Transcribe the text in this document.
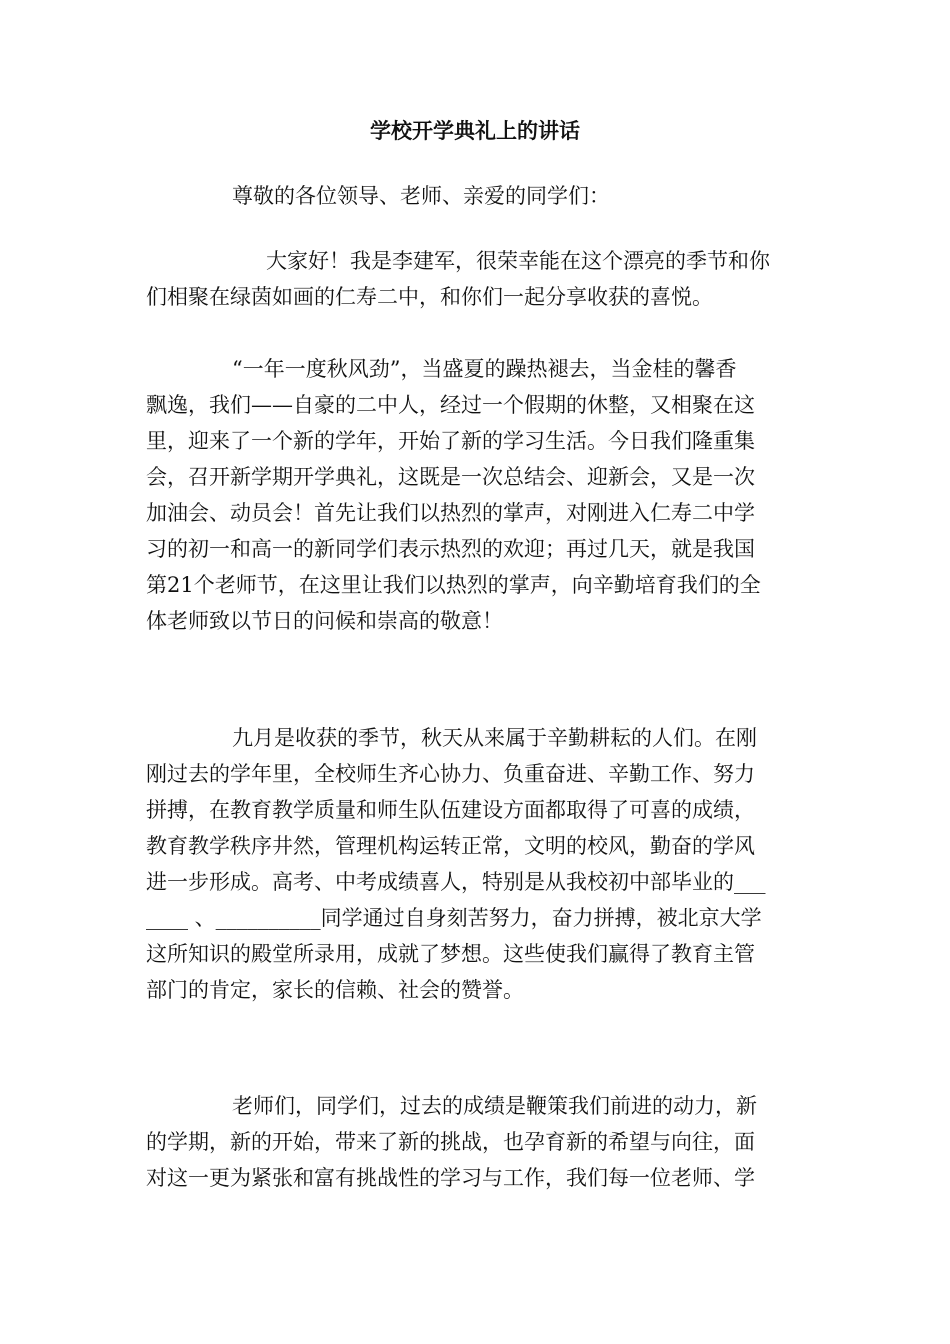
学校开学典礼上的讲话
尊敬的各位领导、老师、亲爱的同学们：
大家好！我是李建军，很荣幸能在这个漂亮的季节和你
们相聚在绿茵如画的仁寿二中，和你们一起分享收获的喜悦。
“一年一度秋风劲”，当盛夏的躁热褪去，当金桂的馨香
飘逸，我们——自豪的二中人，经过一个假期的休整，又相聚在这
里，迎来了一个新的学年，开始了新的学习生活。今日我们隆重集
会，召开新学期开学典礼，这既是一次总结会、迎新会，又是一次
加油会、动员会！首先让我们以热烈的掌声，对刚进入仁寿二中学
习的初一和高一的新同学们表示热烈的欢迎；再过几天，就是我国
第21个老师节，在这里让我们以热烈的掌声，向辛勤培育我们的全
体老师致以节日的问候和崇高的敬意！
九月是收获的季节，秋天从来属于辛勤耕耘的人们。在刚
刚过去的学年里，全校师生齐心协力、负重奋进、辛勤工作、努力
拼搏，在教育教学质量和师生队伍建设方面都取得了可喜的成绩，
教育教学秩序井然，管理机构运转正常，文明的校风，勤奋的学风
进一步形成。高考、中考成绩喜人，特别是从我校初中部毕业的___
____ 、__________同学通过自身刻苦努力，奋力拼搏，被北京大学
这所知识的殿堂所录用，成就了梦想。这些使我们赢得了教育主管
部门的肯定，家长的信赖、社会的赞誉。
老师们，同学们，过去的成绩是鞭策我们前进的动力，新
的学期，新的开始，带来了新的挑战，也孕育新的希望与向往，面
对这一更为紧张和富有挑战性的学习与工作，我们每一位老师、学
